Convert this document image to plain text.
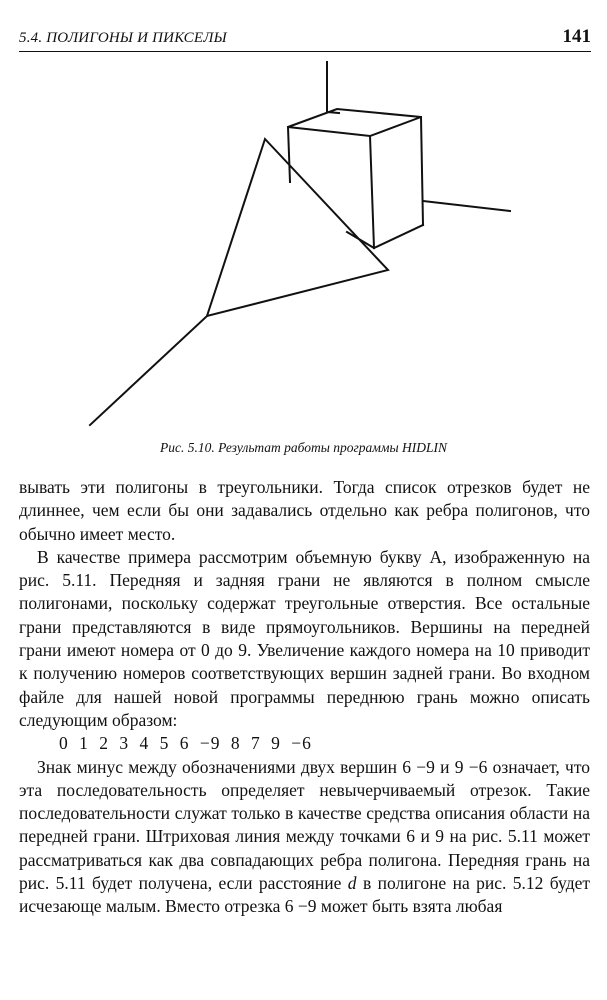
5.4. ПОЛИГОНЫ И ПИКСЕЛЫ	141
Рис. 5.10. Результат работы программы HIDLIN

вывать эти полигоны в треугольники. Тогда список отрезков будет не длиннее, чем если бы они задавались отдельно как ребра полигонов, что обычно имеет место.

В качестве примера рассмотрим объемную букву А, изображенную на рис. 5.11. Передняя и задняя грани не являются в полном смысле полигонами, поскольку содержат треугольные отверстия. Все остальные грани представляются в виде прямоугольников. Вершины на передней грани имеют номера от 0 до 9. Увеличение каждого номера на 10 приводит к получению номеров соответствующих вершин задней грани. Во входном файле для нашей новой программы переднюю грань можно описать следующим образом:

0 1 2 3 4 5 6 −9 8 7 9 −6

Знак минус между обозначениями двух вершин 6 −9 и 9 −6 означает, что эта последовательность определяет невычерчиваемый отрезок. Такие последовательности служат только в качестве средства описания области на передней грани. Штриховая линия между точками 6 и 9 на рис. 5.11 может рассматриваться как два совпадающих ребра полигона. Передняя грань на рис. 5.11 будет получена, если расстояние d в полигоне на рис. 5.12 будет исчезающе малым. Вместо отрезка 6 −9 может быть взята любая
